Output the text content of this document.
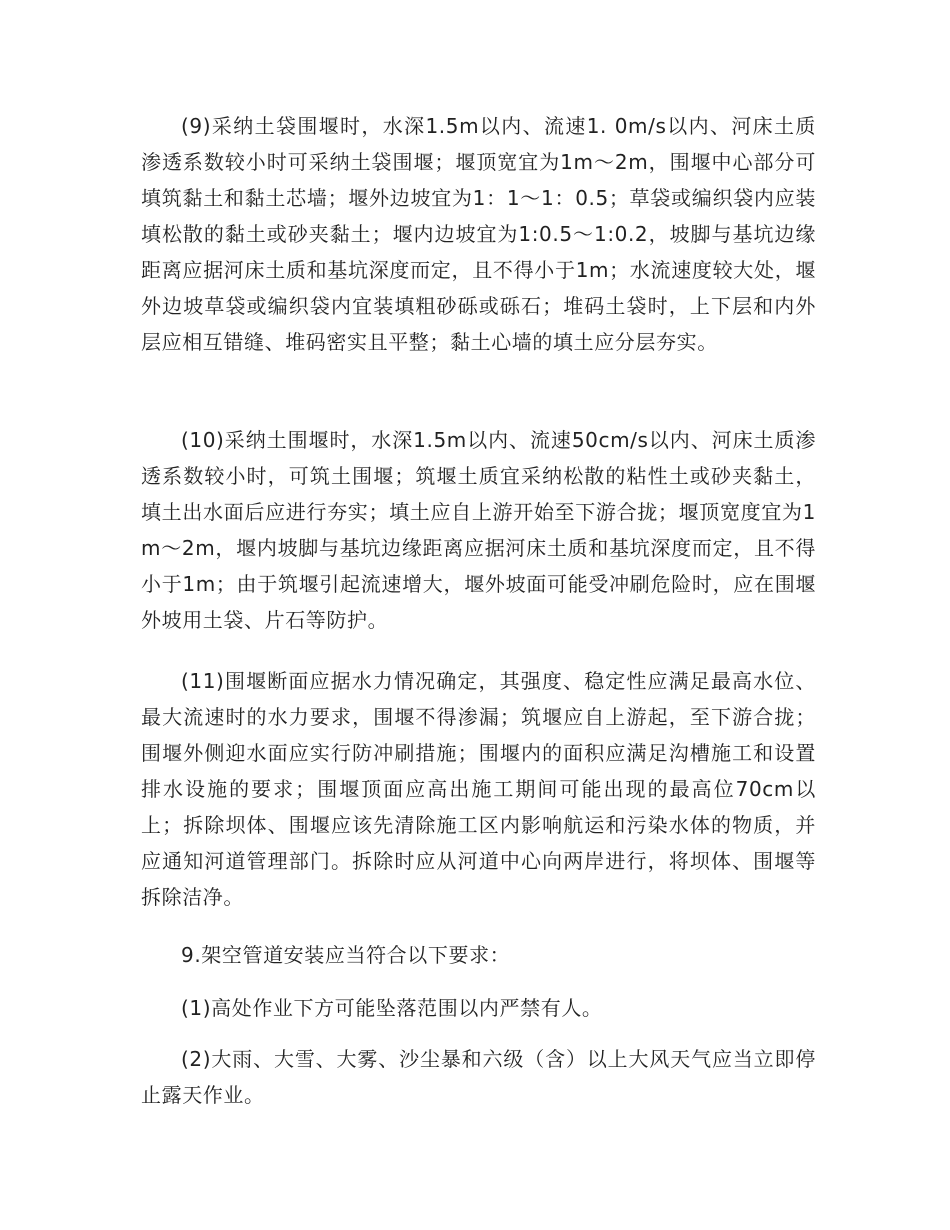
(9)采纳土袋围堰时，水深1.5m以内、流速1. 0m/s以内、河床土质渗透系数较小时可采纳土袋围堰；堰顶宽宜为1m～2m，围堰中心部分可填筑黏土和黏土芯墙；堰外边坡宜为1：1～1：0.5；草袋或编织袋内应装填松散的黏土或砂夹黏土；堰内边坡宜为1:0.5～1:0.2，坡脚与基坑边缘距离应据河床土质和基坑深度而定，且不得小于1m；水流速度较大处，堰外边坡草袋或编织袋内宜装填粗砂砾或砾石；堆码土袋时，上下层和内外层应相互错缝、堆码密实且平整；黏土心墙的填土应分层夯实。

(10)采纳土围堰时，水深1.5m以内、流速50cm/s以内、河床土质渗透系数较小时，可筑土围堰；筑堰土质宜采纳松散的粘性土或砂夹黏土，填土出水面后应进行夯实；填土应自上游开始至下游合拢；堰顶宽度宜为1m～2m，堰内坡脚与基坑边缘距离应据河床土质和基坑深度而定，且不得小于1m；由于筑堰引起流速增大，堰外坡面可能受冲刷危险时，应在围堰外坡用土袋、片石等防护。

(11)围堰断面应据水力情况确定，其强度、稳定性应满足最高水位、最大流速时的水力要求，围堰不得渗漏；筑堰应自上游起，至下游合拢；围堰外侧迎水面应实行防冲刷措施；围堰内的面积应满足沟槽施工和设置排水设施的要求；围堰顶面应高出施工期间可能出现的最高位70cm以上；拆除坝体、围堰应该先清除施工区内影响航运和污染水体的物质，并应通知河道管理部门。拆除时应从河道中心向两岸进行，将坝体、围堰等拆除洁净。

9.架空管道安装应当符合以下要求：

(1)高处作业下方可能坠落范围以内严禁有人。

(2)大雨、大雪、大雾、沙尘暴和六级（含）以上大风天气应当立即停止露天作业。
